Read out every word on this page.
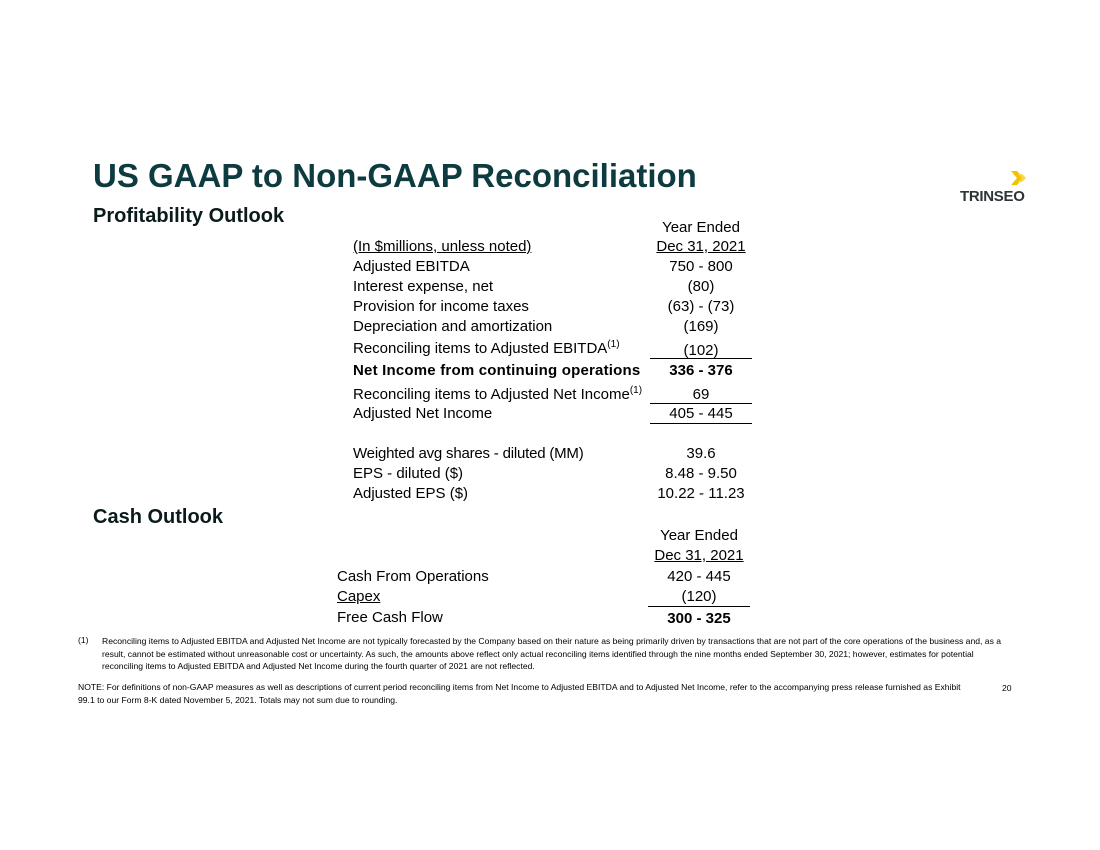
US GAAP to Non-GAAP Reconciliation
TRINSEO
Profitability Outlook
Year Ended
Dec 31, 2021
(In $millions, unless noted)
Adjusted EBITDA	750 - 800
Interest expense, net	(80)
Provision for income taxes	(63) - (73)
Depreciation and amortization	(169)
Reconciling items to Adjusted EBITDA$^{(1)}$	(102)
Net Income from continuing operations	336 - 376
Reconciling items to Adjusted Net Income$^{(1)}$	69
Adjusted Net Income	405 - 445
Weighted avg shares - diluted (MM)	39.6
EPS - diluted ($)	8.48 - 9.50
Adjusted EPS ($)	10.22 - 11.23
Cash Outlook
Year Ended
Dec 31, 2021
Cash From Operations	420 - 445
Capex	(120)
Free Cash Flow	300 - 325
(1) Reconciling items to Adjusted EBITDA and Adjusted Net Income are not typically forecasted by the Company based on their nature as being primarily driven by transactions that are not part of the core operations of the business and, as a result, cannot be estimated without unreasonable cost or uncertainty. As such, the amounts above reflect only actual reconciling items identified through the nine months ended September 30, 2021; however, estimates for potential reconciling items to Adjusted EBITDA and Adjusted Net Income during the fourth quarter of 2021 are not reflected.
NOTE: For definitions of non-GAAP measures as well as descriptions of current period reconciling items from Net Income to Adjusted EBITDA and to Adjusted Net Income, refer to the accompanying press release furnished as Exhibit 99.1 to our Form 8-K dated November 5, 2021. Totals may not sum due to rounding.
20
